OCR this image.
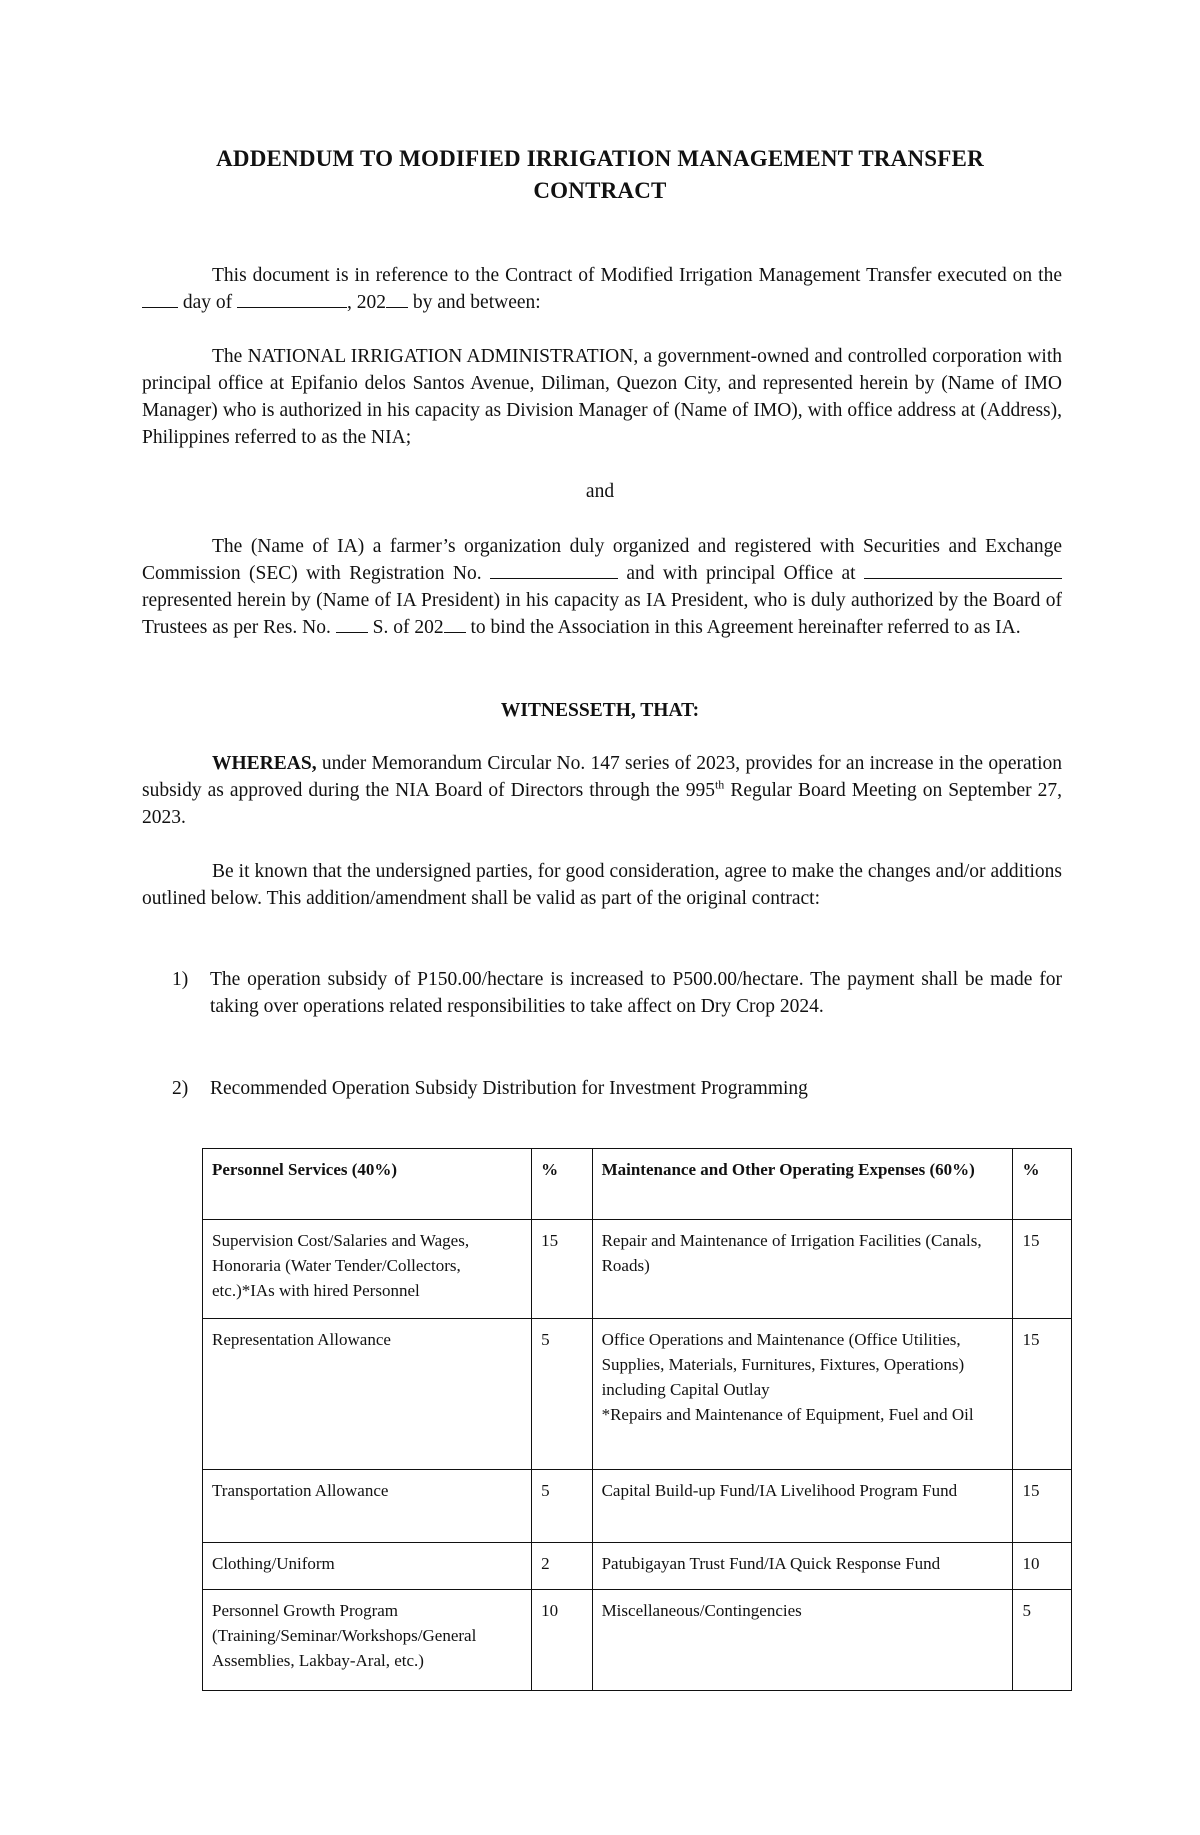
ADDENDUM TO MODIFIED IRRIGATION MANAGEMENT TRANSFER
CONTRACT

This document is in reference to the Contract of Modified Irrigation Management Transfer executed on the  day of	, 202 by and between:

The NATIONAL IRRIGATION ADMINISTRATION, a government-owned and controlled corporation with principal office at Epifanio delos Santos Avenue, Diliman, Quezon City, and represented herein by (Name of IMO Manager) who is authorized in his capacity as Division Manager of (Name of IMO), with office address at (Address), Philippines referred to as the NIA;

and

The (Name of IA) a farmer’s organization duly organized and registered with Securities and Exchange Commission (SEC) with Registration No.	and with principal Office at  represented herein by (Name of IA President) in his capacity as IA President, who is duly authorized by the Board of Trustees as per Res. No.  S. of 202 to bind the Association in this Agreement hereinafter referred to as IA.

WITNESSETH, THAT:

WHEREAS, under Memorandum Circular No. 147 series of 2023, provides for an increase in the operation subsidy as approved during the NIA Board of Directors through the 995th Regular Board Meeting on September 27, 2023.

Be it known that the undersigned parties, for good consideration, agree to make the changes and/or additions outlined below. This addition/amendment shall be valid as part of the original contract:

1) The operation subsidy of P150.00/hectare is increased to P500.00/hectare. The payment shall be made for taking over operations related responsibilities to take affect on Dry Crop 2024.
2) Recommended Operation Subsidy Distribution for Investment Programming
Personnel Services (40%)	%	Maintenance and Other Operating Expenses (60%)	%
Supervision Cost/Salaries and Wages, Honoraria (Water Tender/Collectors, etc.)*IAs with hired Personnel	15	Repair and Maintenance of Irrigation Facilities (Canals, Roads)	15
Representation Allowance	5	Office Operations and Maintenance (Office Utilities, Supplies, Materials, Furnitures, Fixtures, Operations) including Capital Outlay
*Repairs and Maintenance of Equipment, Fuel and Oil	15
Transportation Allowance	5	Capital Build-up Fund/IA Livelihood Program Fund	15
Clothing/Uniform	2	Patubigayan Trust Fund/IA Quick Response Fund	10
Personnel Growth Program (Training/Seminar/Workshops/General Assemblies, Lakbay-Aral, etc.)	10	Miscellaneous/Contingencies	5
